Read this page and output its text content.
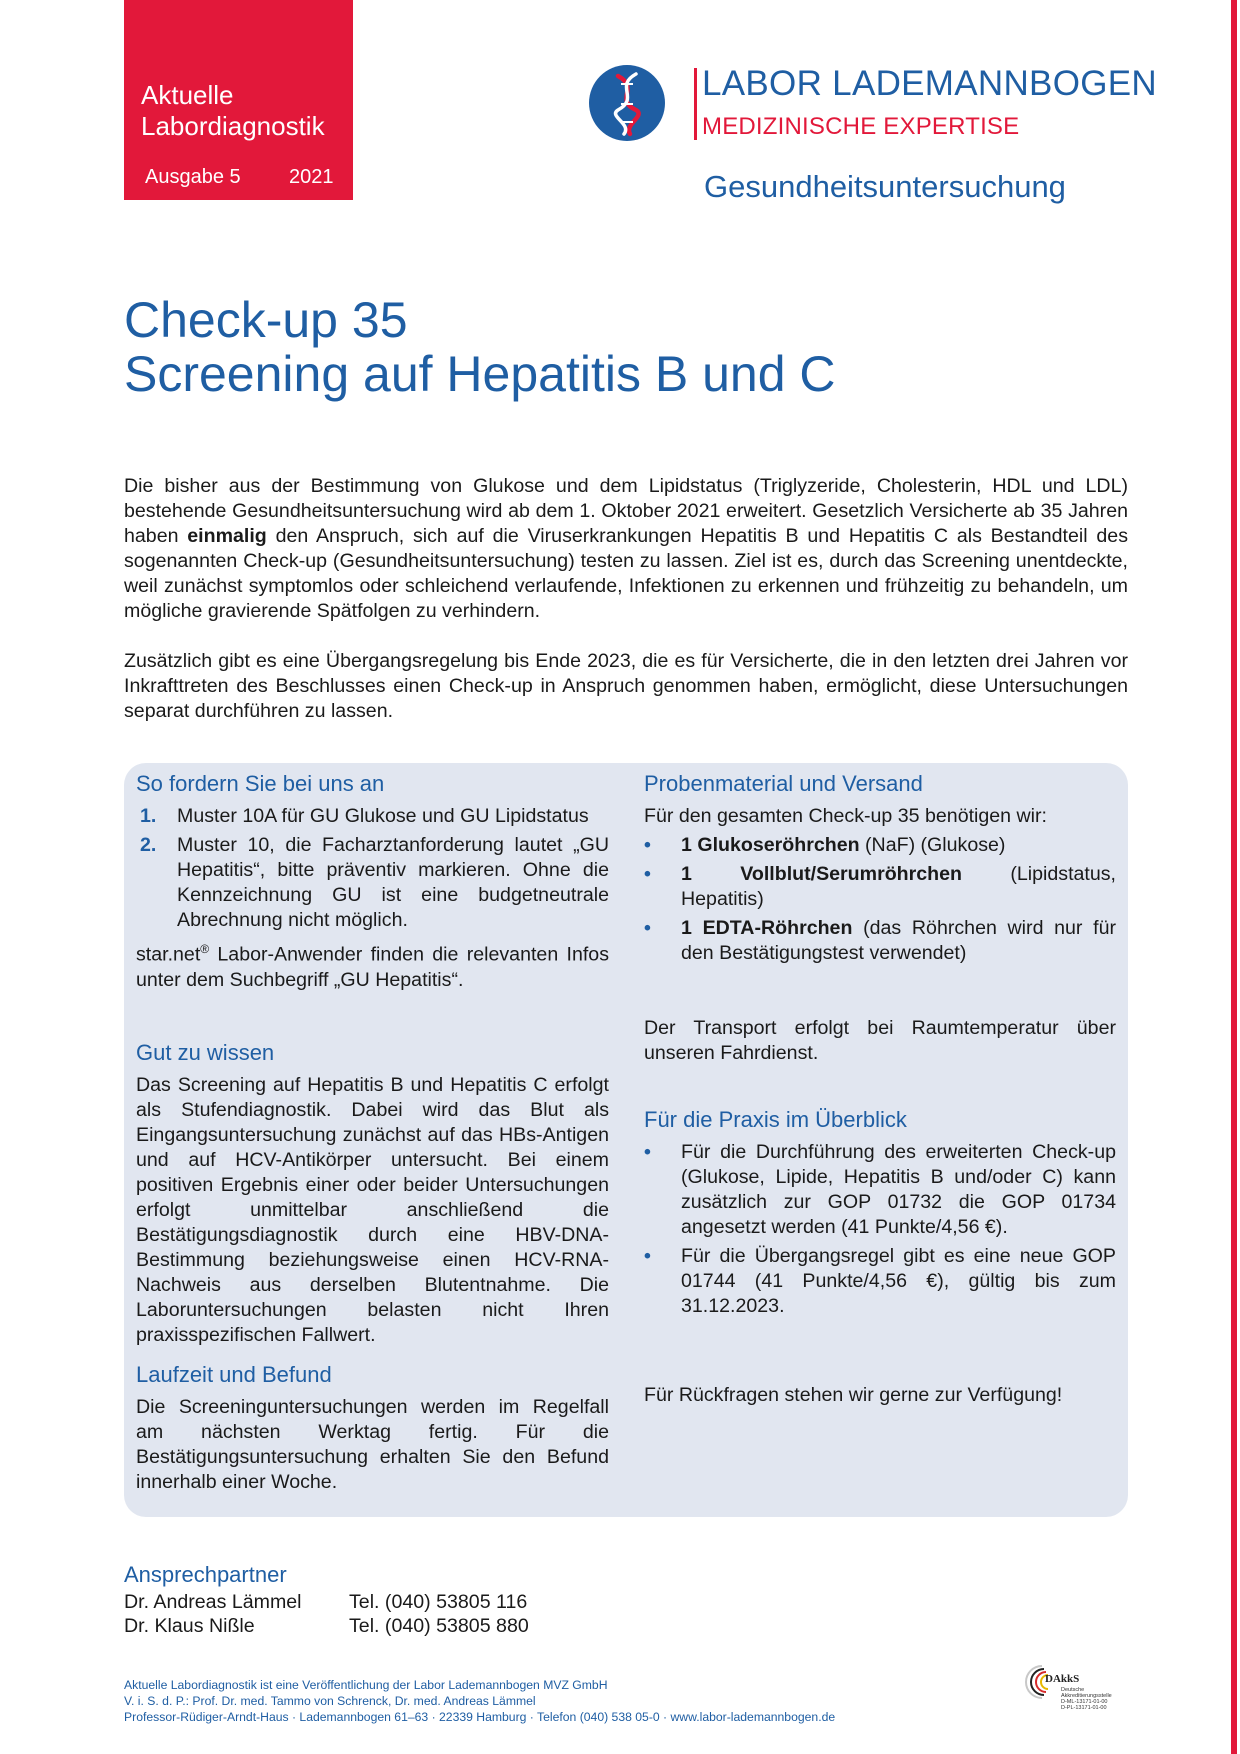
Aktuelle
Labordiagnostik
Ausgabe 5 2021
LABOR LADEMANNBOGEN
MEDIZINISCHE EXPERTISE
Gesundheitsuntersuchung
Check-up 35
Screening auf Hepatitis B und C

Die bisher aus der Bestimmung von Glukose und dem Lipidstatus (Triglyzeride, Cholesterin, HDL und LDL) bestehende Gesundheitsuntersuchung wird ab dem 1. Oktober 2021 erweitert. Gesetzlich Versicherte ab 35 Jahren haben einmalig den Anspruch, sich auf die Viruserkrankungen Hepatitis B und Hepatitis C als Bestandteil des sogenannten Check-up (Gesundheitsuntersuchung) testen zu lassen. Ziel ist es, durch das Screening unentdeckte, weil zunächst symptomlos oder schleichend verlaufende, Infektionen zu erkennen und frühzeitig zu behandeln, um mögliche gravierende Spätfolgen zu verhindern.

Zusätzlich gibt es eine Übergangsregelung bis Ende 2023, die es für Versicherte, die in den letzten drei Jahren vor Inkrafttreten des Beschlusses einen Check-up in Anspruch genommen haben, ermöglicht, diese Untersuchungen separat durchführen zu lassen.

So fordern Sie bei uns an
1. Muster 10A für GU Glukose und GU Lipidstatus
2. Muster 10, die Facharztanforderung lautet „GU Hepatitis“, bitte präventiv markieren. Ohne die Kennzeichnung GU ist eine budgetneutrale Abrechnung nicht möglich.

star.net® Labor-Anwender finden die relevanten Infos unter dem Suchbegriff „GU Hepatitis“.

Gut zu wissen

Das Screening auf Hepatitis B und Hepatitis C erfolgt als Stufendiagnostik. Dabei wird das Blut als Eingangsuntersuchung zunächst auf das HBs-Antigen und auf HCV-Antikörper untersucht. Bei einem positiven Ergebnis einer oder beider Untersuchungen erfolgt unmittelbar anschließend die Bestätigungsdiagnostik durch eine HBV-DNA-Bestimmung beziehungsweise einen HCV-RNA-Nachweis aus derselben Blutentnahme. Die Laboruntersuchungen belasten nicht Ihren praxisspezifischen Fallwert.

Laufzeit und Befund

Die Screeninguntersuchungen werden im Regelfall am nächsten Werktag fertig. Für die Bestätigungsuntersuchung erhalten Sie den Befund innerhalb einer Woche.

Probenmaterial und Versand

Für den gesamten Check-up 35 benötigen wir:

• 1 Glukoseröhrchen (NaF) (Glukose)
• 1 Vollblut/Serumröhrchen (Lipidstatus, Hepatitis)
• 1 EDTA-Röhrchen (das Röhrchen wird nur für den Bestätigungstest verwendet)

Der Transport erfolgt bei Raumtemperatur über unseren Fahrdienst.

Für die Praxis im Überblick
• Für die Durchführung des erweiterten Check-up (Glukose, Lipide, Hepatitis B und/oder C) kann zusätzlich zur GOP 01732 die GOP 01734 angesetzt werden (41 Punkte/4,56 €).
• Für die Übergangsregel gibt es eine neue GOP 01744 (41 Punkte/4,56 €), gültig bis zum 31.12.2023.

Für Rückfragen stehen wir gerne zur Verfügung!

Ansprechpartner
Dr. Andreas Lämmel Tel. (040) 53805 116
Dr. Klaus Nißle	Tel. (040) 53805 880
Aktuelle Labordiagnostik ist eine Veröffentlichung der Labor Lademannbogen MVZ GmbH
V. i. S. d. P.: Prof. Dr. med. Tammo von Schrenck, Dr. med. Andreas Lämmel
Professor-Rüdiger-Arndt-Haus · Lademannbogen 61–63 · 22339 Hamburg · Telefon (040) 538 05-0 · www.labor-lademannbogen.de
DAkkS
Deutsche
Akkreditierungsstelle
D-ML-13171-01-00
D-PL-13171-01-00
